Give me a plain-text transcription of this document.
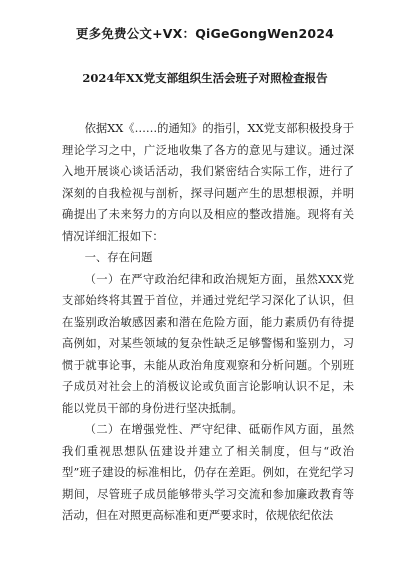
更多免费公文+VX：QiGeGongWen2024
2024年XX党支部组织生活会班子对照检查报告

依据XX《……的通知》的指引，XX党支部积极投身于理论学习之中，广泛地收集了各方的意见与建议。通过深入地开展谈心谈话活动，我们紧密结合实际工作，进行了深刻的自我检视与剖析，探寻问题产生的思想根源，并明确提出了未来努力的方向以及相应的整改措施。现将有关情况详细汇报如下：

一、存在问题

（一）在严守政治纪律和政治规矩方面，虽然XXX党支部始终将其置于首位，并通过党纪学习深化了认识，但在鉴别政治敏感因素和潜在危险方面，能力素质仍有待提高例如，对某些领域的复杂性缺乏足够警惕和鉴别力，习惯于就事论事，未能从政治角度观察和分析问题。个别班子成员对社会上的消极议论或负面言论影响认识不足，未能以党员干部的身份进行坚决抵制。

（二）在增强党性、严守纪律、砥砺作风方面，虽然我们重视思想队伍建设并建立了相关制度，但与“政治型”班子建设的标准相比，仍存在差距。例如，在党纪学习期间，尽管班子成员能够带头学习交流和参加廉政教育等活动，但在对照更高标准和更严要求时，依规依纪依法
